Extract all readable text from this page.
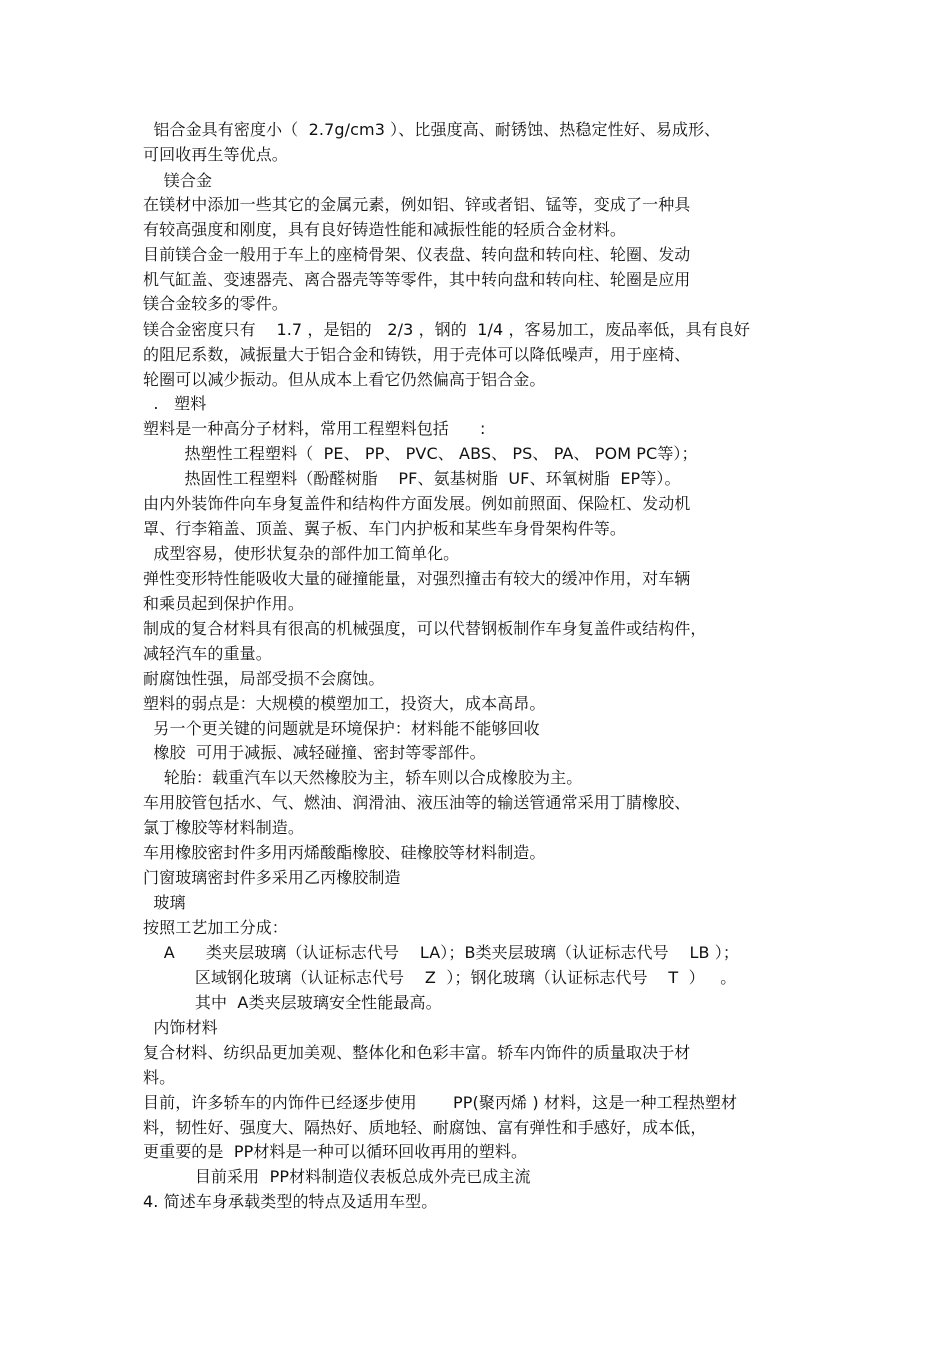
铝合金具有密度小（  2.7g/cm3 ）、比强度高、耐锈蚀、热稳定性好、易成形、
可回收再生等优点。
镁合金
在镁材中添加一些其它的金属元素，例如铝、锌或者铝、锰等，变成了一种具
有较高强度和刚度，具有良好铸造性能和减振性能的轻质合金材料。
目前镁合金一般用于车上的座椅骨架、仪表盘、转向盘和转向柱、轮圈、发动
机气缸盖、变速器壳、离合器壳等等零件，其中转向盘和转向柱、轮圈是应用
镁合金较多的零件。
镁合金密度只有    1.7 ，是铝的   2/3 ，钢的  1/4 ，客易加工，废品率低，具有良好
的阻尼系数，减振量大于铝合金和铸铁，用于壳体可以降低噪声，用于座椅、
轮圈可以减少振动。但从成本上看它仍然偏高于铝合金。
.   塑料
塑料是一种高分子材料，常用工程塑料包括      :
热塑性工程塑料（  PE、 PP、 PVC、 ABS、 PS、 PA、 POM PC等）；
热固性工程塑料（酚醛树脂    PF、氨基树脂  UF、环氧树脂  EP等）。
由内外装饰件向车身复盖件和结构件方面发展。例如前照面、保险杠、发动机
罩、行李箱盖、顶盖、翼子板、车门内护板和某些车身骨架构件等。
成型容易，使形状复杂的部件加工简单化。
弹性变形特性能吸收大量的碰撞能量，对强烈撞击有较大的缓冲作用，对车辆
和乘员起到保护作用。
制成的复合材料具有很高的机械强度，可以代替钢板制作车身复盖件或结构件，
减轻汽车的重量。
耐腐蚀性强，局部受损不会腐蚀。
塑料的弱点是：大规模的模塑加工，投资大，成本高昂。
另一个更关键的问题就是环境保护：材料能不能够回收
橡胶  可用于减振、减轻碰撞、密封等零部件。
轮胎：载重汽车以天然橡胶为主，轿车则以合成橡胶为主。
车用胶管包括水、气、燃油、润滑油、液压油等的输送管通常采用丁腈橡胶、
氯丁橡胶等材料制造。
车用橡胶密封件多用丙烯酸酯橡胶、硅橡胶等材料制造。
门窗玻璃密封件多采用乙丙橡胶制造
玻璃
按照工艺加工分成：
A      类夹层玻璃（认证标志代号    LA）；B类夹层玻璃（认证标志代号    LB ）；
区域钢化玻璃（认证标志代号    Z  ）；钢化玻璃（认证标志代号    T  ）   。
其中  A类夹层玻璃安全性能最高。
内饰材料
复合材料、纺织品更加美观、整体化和色彩丰富。轿车内饰件的质量取决于材
料。
目前，许多轿车的内饰件已经逐步使用       PP(聚丙烯 ) 材料，这是一种工程热塑材
料，韧性好、强度大、隔热好、质地轻、耐腐蚀、富有弹性和手感好，成本低，
更重要的是  PP材料是一种可以循环回收再用的塑料。
目前采用  PP材料制造仪表板总成外壳已成主流
4. 简述车身承载类型的特点及适用车型。
